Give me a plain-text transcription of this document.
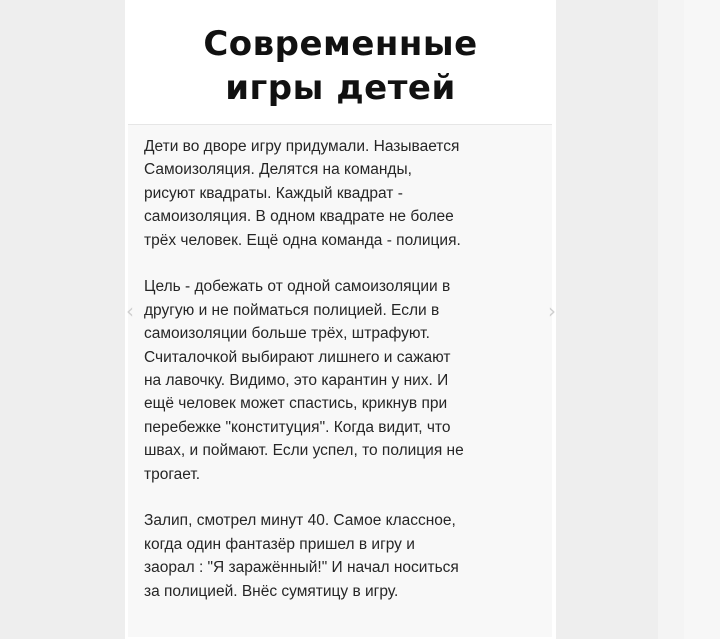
Современные
игры детей

Дети во дворе игру придумали. Называется
Самоизоляция. Делятся на команды,
рисуют квадраты. Каждый квадрат -
самоизоляция. В одном квадрате не более
трёх человек. Ещё одна команда - полиция.

Цель - добежать от одной самоизоляции в
другую и не пойматься полицией. Если в
самоизоляции больше трёх, штрафуют.
Считалочкой выбирают лишнего и сажают
на лавочку. Видимо, это карантин у них. И
ещё человек может спастись, крикнув при
перебежке "конституция". Когда видит, что
швах, и поймают. Если успел, то полиция не
трогает.

Залип, смотрел минут 40. Самое классное,
когда один фантазёр пришел в игру и
заорал : "Я заражённый!" И начал носиться
за полицией. Внёс сумятицу в игру.

‹	›
